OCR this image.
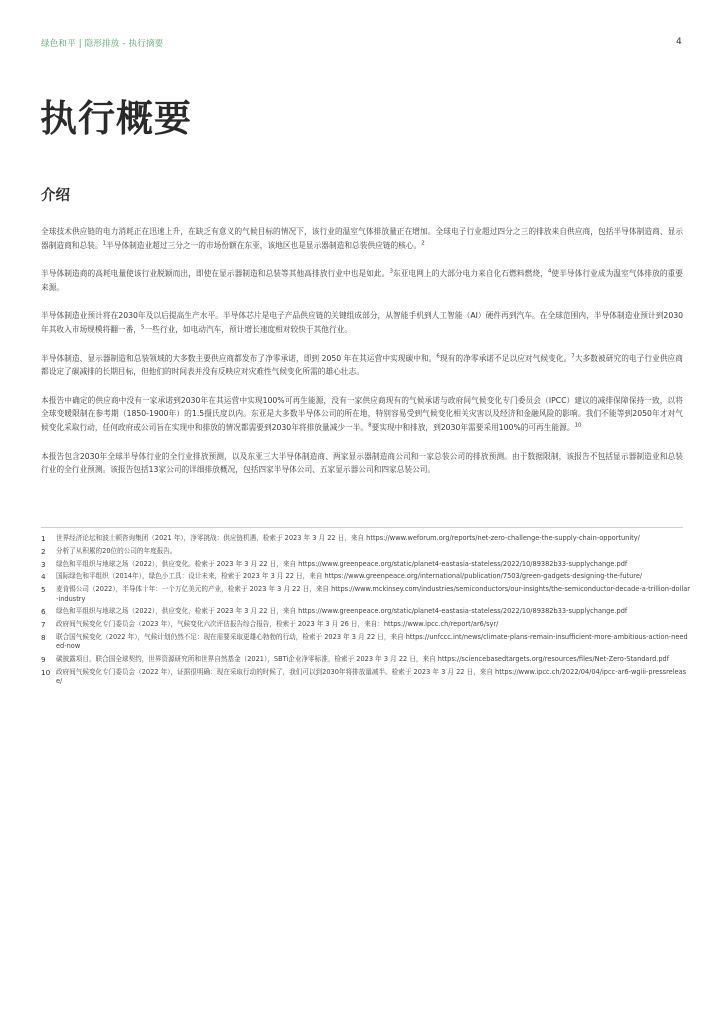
绿色和平 | 隐形排放 - 执行摘要	4
执行概要
介绍

全球技术供应链的电力消耗正在迅速上升，在缺乏有意义的气候目标的情况下，该行业的温室气体排放量正在增加。全球电子行业超过四分之三的排放来自供应商，包括半导体制造商、显示器制造商和总装。$^1$半导体制造业超过三分之一的市场份额在东亚，该地区也是显示器制造和总装供应链的核心。$^2$

半导体制造商的高耗电量使该行业脱颖而出，即使在显示器制造和总装等其他高排放行业中也是如此。$^3$东亚电网上的大部分电力来自化石燃料燃烧，$^4$使半导体行业成为温室气体排放的重要来源。

半导体制造业预计将在2030年及以后提高生产水平。半导体芯片是电子产品供应链的关键组成部分，从智能手机到人工智能（AI）硬件再到汽车。在全球范围内，半导体制造业预计到2030年其收入市场规模将翻一番，$^5$一些行业，如电动汽车，预计增长速度相对较快于其他行业。

半导体制造、显示器制造和总装领域的大多数主要供应商都发布了净零承诺，即到 2050 年在其运营中实现碳中和。$^6$现有的净零承诺不足以应对气候变化。$^7$大多数被研究的电子行业供应商都设定了碳减排的长期目标，但他们的时间表并没有反映应对灾难性气候变化所需的雄心壮志。

本报告中确定的供应商中没有一家承诺到2030年在其运营中实现100%可再生能源，没有一家供应商现有的气候承诺与政府间气候变化专门委员会（IPCC）建议的减排保障保持一致，以将全球变暖限制在参考期（1850-1900年）的1.5摄氏度以内。东亚是大多数半导体公司的所在地，特别容易受到气候变化相关灾害以及经济和金融风险的影响。我们不能等到2050年才对气候变化采取行动，任何政府或公司旨在实现中和排放的情况都需要到2030年将排放量减少一半。$^8$要实现中和排放，到2030年需要采用100%的可再生能源。$^{10}$

本报告包含2030年全球半导体行业的全行业排放预测，以及东亚三大半导体制造商、两家显示器制造商公司和一家总装公司的排放预测。由于数据限制，该报告不包括显示器制造业和总装行业的全行业预测。该报告包括13家公司的详细排放概况，包括四家半导体公司、五家显示器公司和四家总装公司。

1	世界经济论坛和波士顿咨询集团（2021 年），净零挑战：供应链机遇，检索于 2023 年 3 月 22 日，来自 https://www.weforum.org/reports/net-zero-challenge-the-supply-chain-opportunity/
2	分析了从积累的20位的公司的年度报告。
3	绿色和平组织与地球之场（2022），供应变化。检索于 2023 年 3 月 22 日，来自 https://www.greenpeace.org/static/planet4-eastasia-stateless/2022/10/89382b33-supplychange.pdf
4	国际绿色和平组织（2014年），绿色小工具：设计未来，检索于 2023 年 3 月 22 日，来自 https://www.greenpeace.org/international/publication/7503/green-gadgets-designing-the-future/
5	麦肯锡公司（2022），半导体十年：一个万亿美元的产业，检索于 2023 年 3 月 22 日，来自 https://www.mckinsey.com/industries/semiconductors/our-insights/the-semiconductor-decade-a-trillion-dollar-industry
6	绿色和平组织与地球之场（2022），供应变化，检索于 2023 年 3 月 22 日，来自 https://www.greenpeace.org/static/planet4-eastasia-stateless/2022/10/89382b33-supplychange.pdf
7	政府间气候变化专门委员会（2023 年），气候变化六次评估报告综合报告，检索于 2023 年 3 月 26 日，来自：https://www.ipcc.ch/report/ar6/syr/
8	联合国气候变化（2022 年），气候计划仍然不足：现在需要采取更雄心勃勃的行动，检索于 2023 年 3 月 22 日，来自 https://unfccc.int/news/climate-plans-remain-insufficient-more-ambitious-action-needed-now
9	碳披露项目，联合国全球契约，世界资源研究所和世界自然基金（2021），SBTi企业净零标准，检索于 2023 年 3 月 22 日，来自 https://sciencebasedtargets.org/resources/files/Net-Zero-Standard.pdf
10 政府间气候变化专门委员会（2022 年），证据很明确：现在采取行动的时候了，我们可以到2030年将排放量减半。检索于 2023 年 3 月 22 日，来自 https://www.ipcc.ch/2022/04/04/ipcc-ar6-wgiii-pressrelease/
